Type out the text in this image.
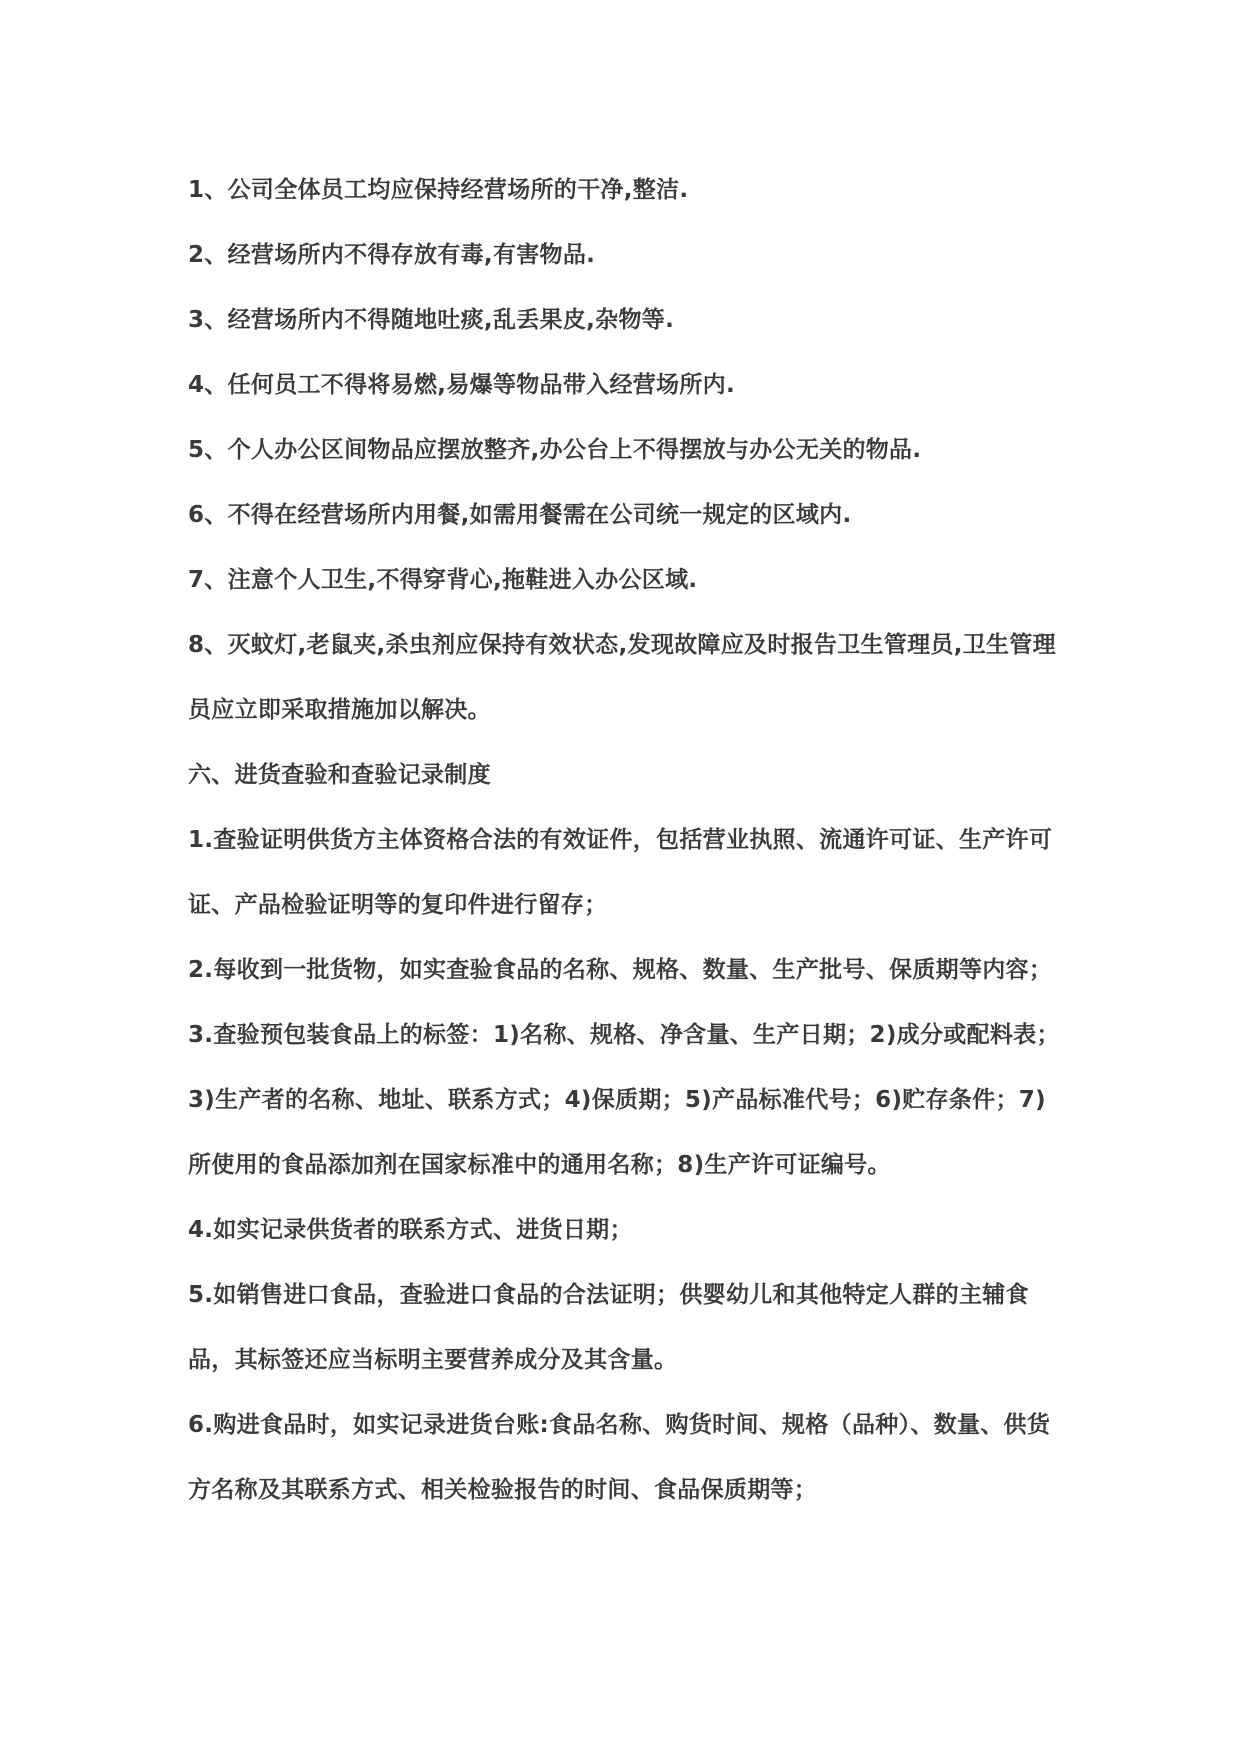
1、公司全体员工均应保持经营场所的干净,整洁.

2、经营场所内不得存放有毒,有害物品.

3、经营场所内不得随地吐痰,乱丢果皮,杂物等.

4、任何员工不得将易燃,易爆等物品带入经营场所内.

5、个人办公区间物品应摆放整齐,办公台上不得摆放与办公无关的物品.

6、不得在经营场所内用餐,如需用餐需在公司统一规定的区域内.

7、注意个人卫生,不得穿背心,拖鞋进入办公区域.

8、灭蚊灯,老鼠夹,杀虫剂应保持有效状态,发现故障应及时报告卫生管理员,卫生管理员应立即采取措施加以解决。

六、进货查验和查验记录制度

1.查验证明供货方主体资格合法的有效证件，包括营业执照、流通许可证、生产许可证、产品检验证明等的复印件进行留存；

2.每收到一批货物，如实查验食品的名称、规格、数量、生产批号、保质期等内容；

3.查验预包装食品上的标签：1)名称、规格、净含量、生产日期；2)成分或配料表；3)生产者的名称、地址、联系方式；4)保质期；5)产品标准代号；6)贮存条件；7)所使用的食品添加剂在国家标准中的通用名称；8)生产许可证编号。

4.如实记录供货者的联系方式、进货日期；

5.如销售进口食品，查验进口食品的合法证明；供婴幼儿和其他特定人群的主辅食品，其标签还应当标明主要营养成分及其含量。

6.购进食品时，如实记录进货台账:食品名称、购货时间、规格（品种）、数量、供货方名称及其联系方式、相关检验报告的时间、食品保质期等；
